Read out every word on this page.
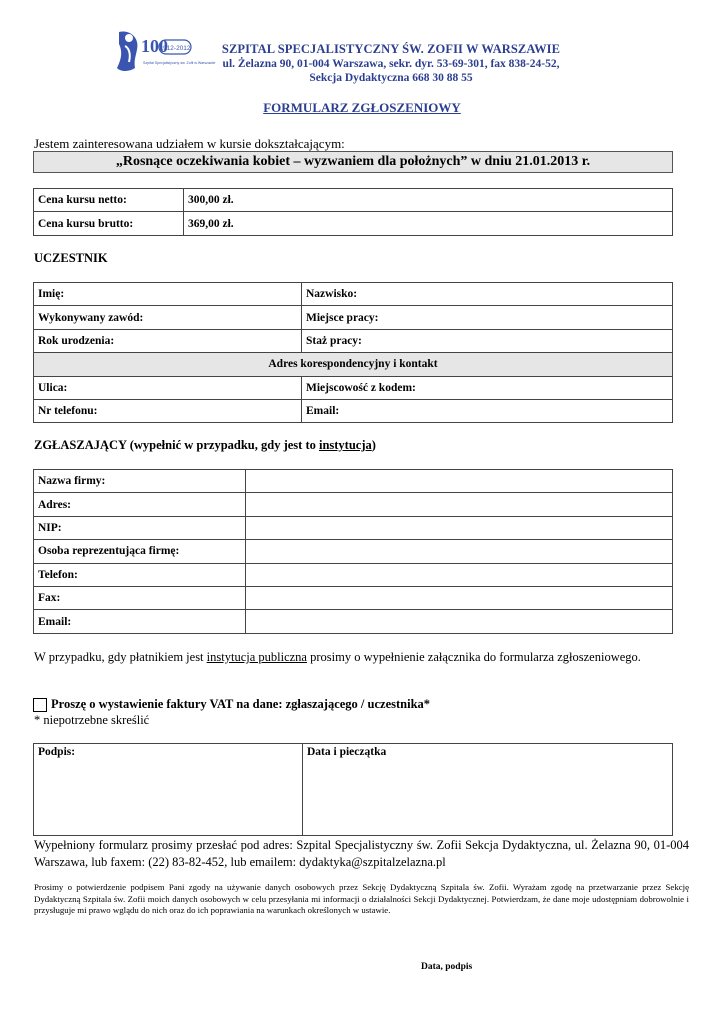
100
1912-2012
Szpital Specjalistyczny św. Zofii w Warszawie
SZPITAL SPECJALISTYCZNY ŚW. ZOFII W WARSZAWIE
ul. Żelazna 90, 01-004 Warszawa, sekr. dyr. 53-69-301, fax 838-24-52,
Sekcja Dydaktyczna 668 30 88 55
FORMULARZ ZGŁOSZENIOWY
Jestem zainteresowana udziałem w kursie dokształcającym:
„Rosnące oczekiwania kobiet – wyzwaniem dla położnych” w dniu 21.01.2013 r.
Cena kursu netto:	300,00 zł.
Cena kursu brutto:	369,00 zł.
UCZESTNIK
Imię:	Nazwisko:
Wykonywany zawód:	Miejsce pracy:
Rok urodzenia:	Staż pracy:
Adres korespondencyjny i kontakt	
Ulica:	Miejscowość z kodem:
Nr telefonu:	Email:
ZGŁASZAJĄCY (wypełnić w przypadku, gdy jest to instytucja)
Nazwa firmy:	
Adres:	
NIP:	
Osoba reprezentująca firmę:	
Telefon:	
Fax:	
Email:	
W przypadku, gdy płatnikiem jest instytucja publiczna prosimy o wypełnienie załącznika do formularza zgłoszeniowego.
Proszę o wystawienie faktury VAT na dane: zgłaszającego / uczestnika*
* niepotrzebne skreślić
Podpis:	Data i pieczątka
Wypełniony formularz prosimy przesłać pod adres: Szpital Specjalistyczny św. Zofii Sekcja Dydaktyczna, ul. Żelazna 90, 01-004 Warszawa, lub faxem: (22) 83-82-452, lub emailem: dydaktyka@szpitalzelazna.pl
Prosimy o potwierdzenie podpisem Pani zgody na używanie danych osobowych przez Sekcję Dydaktyczną Szpitala św. Zofii. Wyrażam zgodę na przetwarzanie przez Sekcję Dydaktyczną Szpitala św. Zofii moich danych osobowych w celu przesyłania mi informacji o działalności Sekcji Dydaktycznej. Potwierdzam, że dane moje udostępniam dobrowolnie i przysługuje mi prawo wglądu do nich oraz do ich poprawiania na warunkach określonych w ustawie.
Data, podpis
